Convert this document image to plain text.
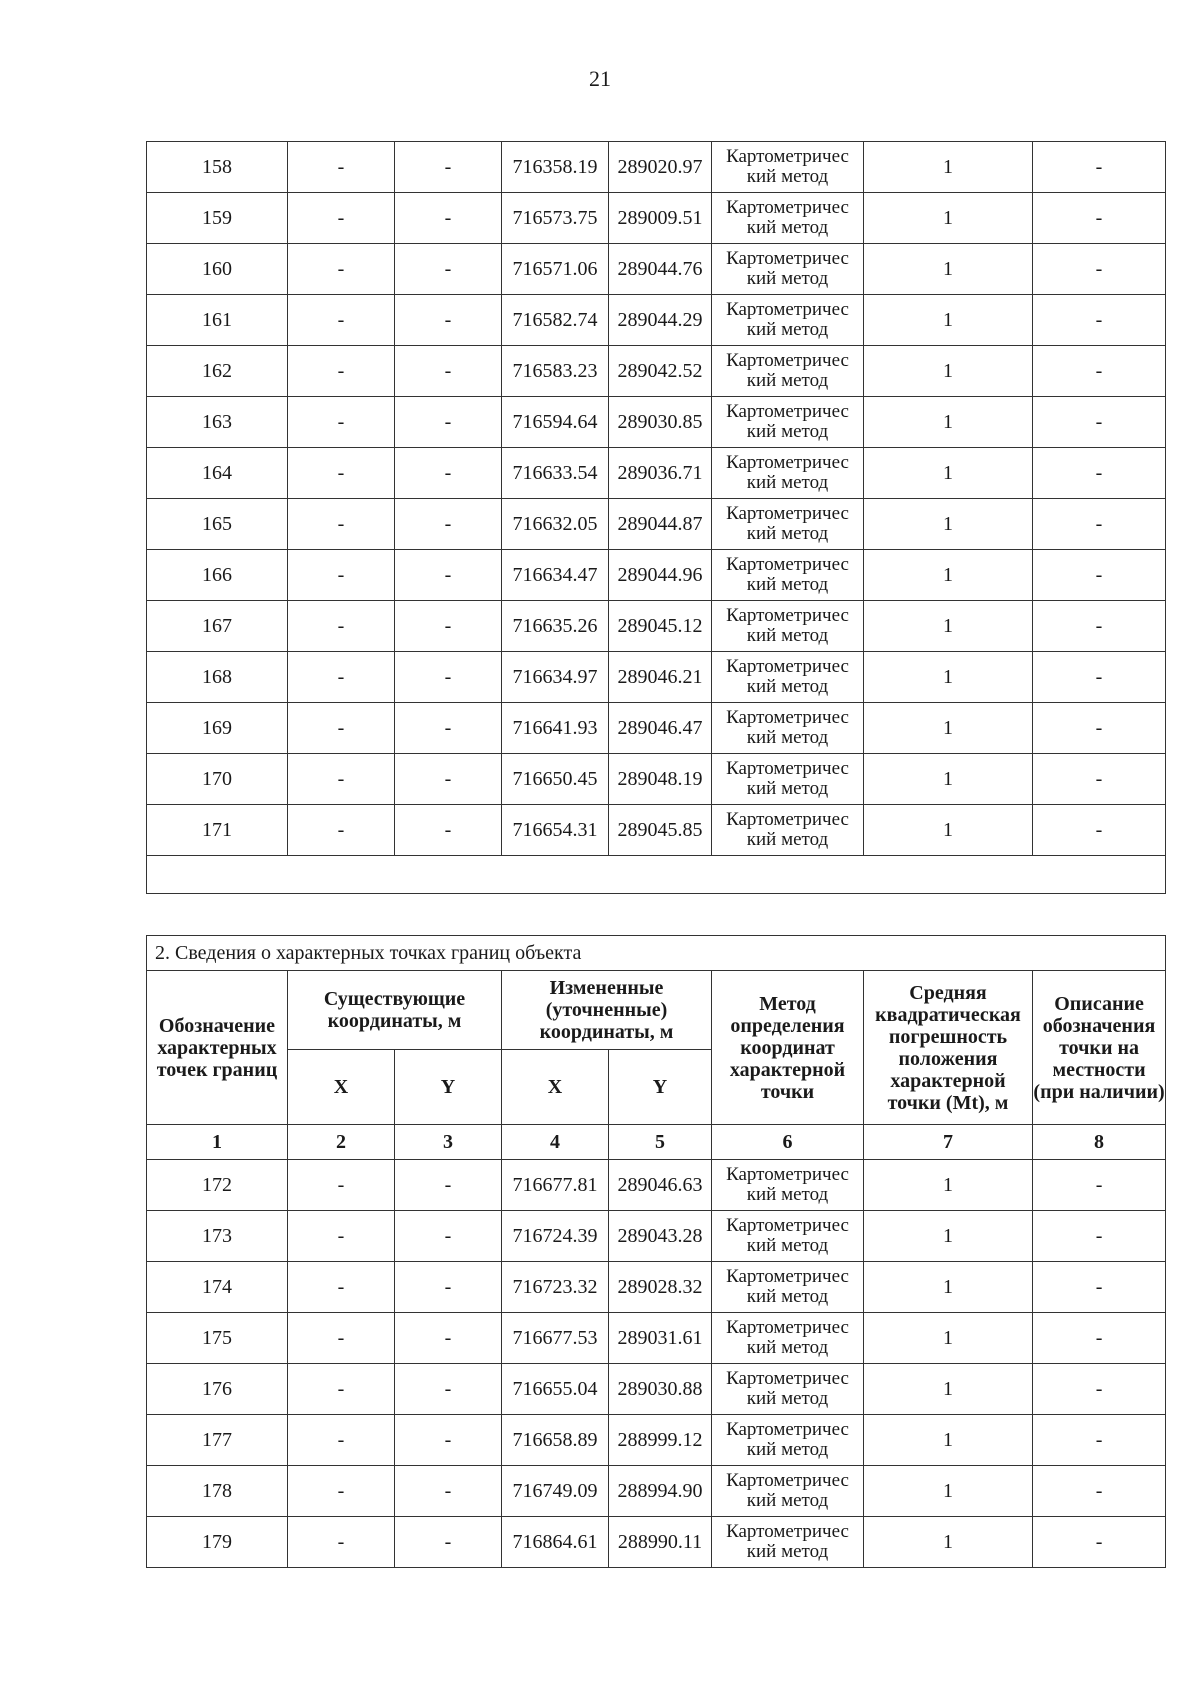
21
158	-	-	716358.19	289020.97	Картометричес кий метод	1	-
159	-	-	716573.75	289009.51	Картометричес кий метод	1	-
160	-	-	716571.06	289044.76	Картометричес кий метод	1	-
161	-	-	716582.74	289044.29	Картометричес кий метод	1	-
162	-	-	716583.23	289042.52	Картометричес кий метод	1	-
163	-	-	716594.64	289030.85	Картометричес кий метод	1	-
164	-	-	716633.54	289036.71	Картометричес кий метод	1	-
165	-	-	716632.05	289044.87	Картометричес кий метод	1	-
166	-	-	716634.47	289044.96	Картометричес кий метод	1	-
167	-	-	716635.26	289045.12	Картометричес кий метод	1	-
168	-	-	716634.97	289046.21	Картометричес кий метод	1	-
169	-	-	716641.93	289046.47	Картометричес кий метод	1	-
170	-	-	716650.45	289048.19	Картометричес кий метод	1	-
171	-	-	716654.31	289045.85	Картометричес кий метод	1	-

2. Сведения о характерных точках границ объекта							
Обозначение характерных точек границ	Существующие координаты, м		Измененные (уточненные) координаты, м		Метод определения координат характерной точки	Средняя квадратическая погрешность положения характерной точки (Mt), м	Описание обозначения точки на местности (при наличии)
	X	Y	X	Y			
1	2	3	4	5	6	7	8
172	-	-	716677.81	289046.63	Картометричес кий метод	1	-
173	-	-	716724.39	289043.28	Картометричес кий метод	1	-
174	-	-	716723.32	289028.32	Картометричес кий метод	1	-
175	-	-	716677.53	289031.61	Картометричес кий метод	1	-
176	-	-	716655.04	289030.88	Картометричес кий метод	1	-
177	-	-	716658.89	288999.12	Картометричес кий метод	1	-
178	-	-	716749.09	288994.90	Картометричес кий метод	1	-
179	-	-	716864.61	288990.11	Картометричес кий метод	1	-
